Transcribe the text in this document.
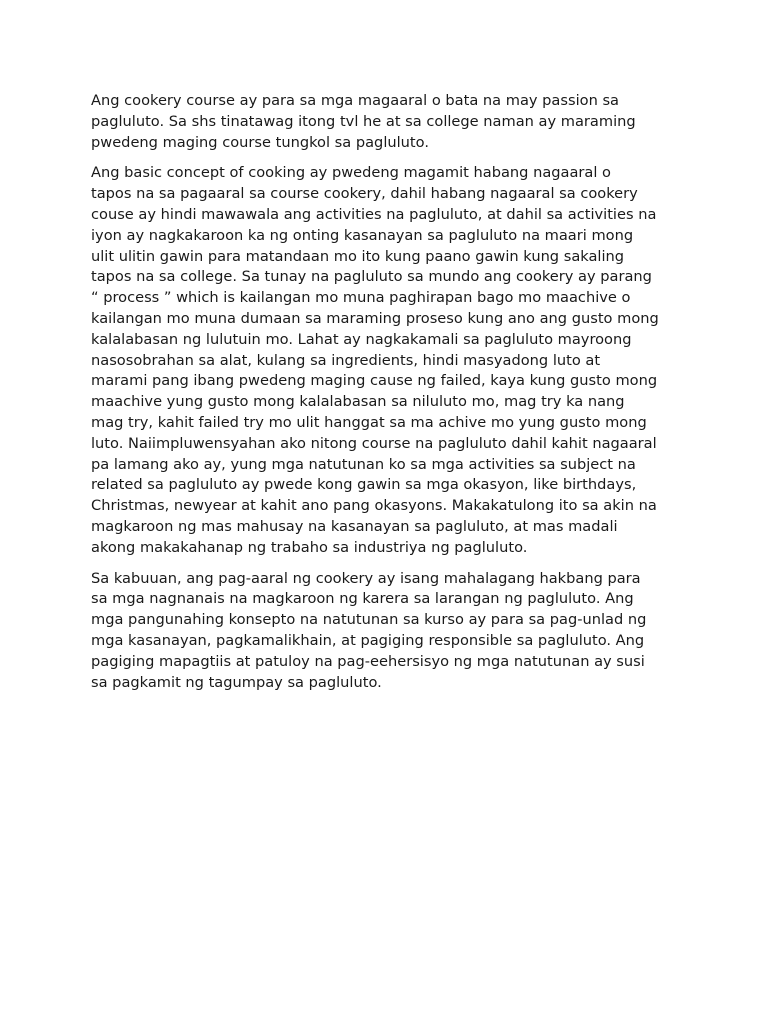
Ang cookery course ay para sa mga magaaral o bata na may passion sa
pagluluto. Sa shs tinatawag itong tvl he at sa college naman ay maraming
pwedeng maging course tungkol sa pagluluto.

Ang basic concept of cooking ay pwedeng magamit habang nagaaral o
tapos na sa pagaaral sa course cookery, dahil habang nagaaral sa cookery
couse ay hindi mawawala ang activities na pagluluto, at dahil sa activities na
iyon ay nagkakaroon ka ng onting kasanayan sa pagluluto na maari mong
ulit ulitin gawin para matandaan mo ito kung paano gawin kung sakaling
tapos na sa college. Sa tunay na pagluluto sa mundo ang cookery ay parang
“ process ” which is kailangan mo muna paghirapan bago mo maachive o
kailangan mo muna dumaan sa maraming proseso kung ano ang gusto mong
kalalabasan ng lulutuin mo. Lahat ay nagkakamali sa pagluluto mayroong
nasosobrahan sa alat, kulang sa ingredients, hindi masyadong luto at
marami pang ibang pwedeng maging cause ng failed, kaya kung gusto mong
maachive yung gusto mong kalalabasan sa niluluto mo, mag try ka nang
mag try, kahit failed try mo ulit hanggat sa ma achive mo yung gusto mong
luto. Naiimpluwensyahan ako nitong course na pagluluto dahil kahit nagaaral
pa lamang ako ay, yung mga natutunan ko sa mga activities sa subject na
related sa pagluluto ay pwede kong gawin sa mga okasyon, like birthdays,
Christmas, newyear at kahit ano pang okasyons. Makakatulong ito sa akin na
magkaroon ng mas mahusay na kasanayan sa pagluluto, at mas madali
akong makakahanap ng trabaho sa industriya ng pagluluto.

Sa kabuuan, ang pag-aaral ng cookery ay isang mahalagang hakbang para
sa mga nagnanais na magkaroon ng karera sa larangan ng pagluluto. Ang
mga pangunahing konsepto na natutunan sa kurso ay para sa pag-unlad ng
mga kasanayan, pagkamalikhain, at pagiging responsible sa pagluluto. Ang
pagiging mapagtiis at patuloy na pag-eehersisyo ng mga natutunan ay susi
sa pagkamit ng tagumpay sa pagluluto.
